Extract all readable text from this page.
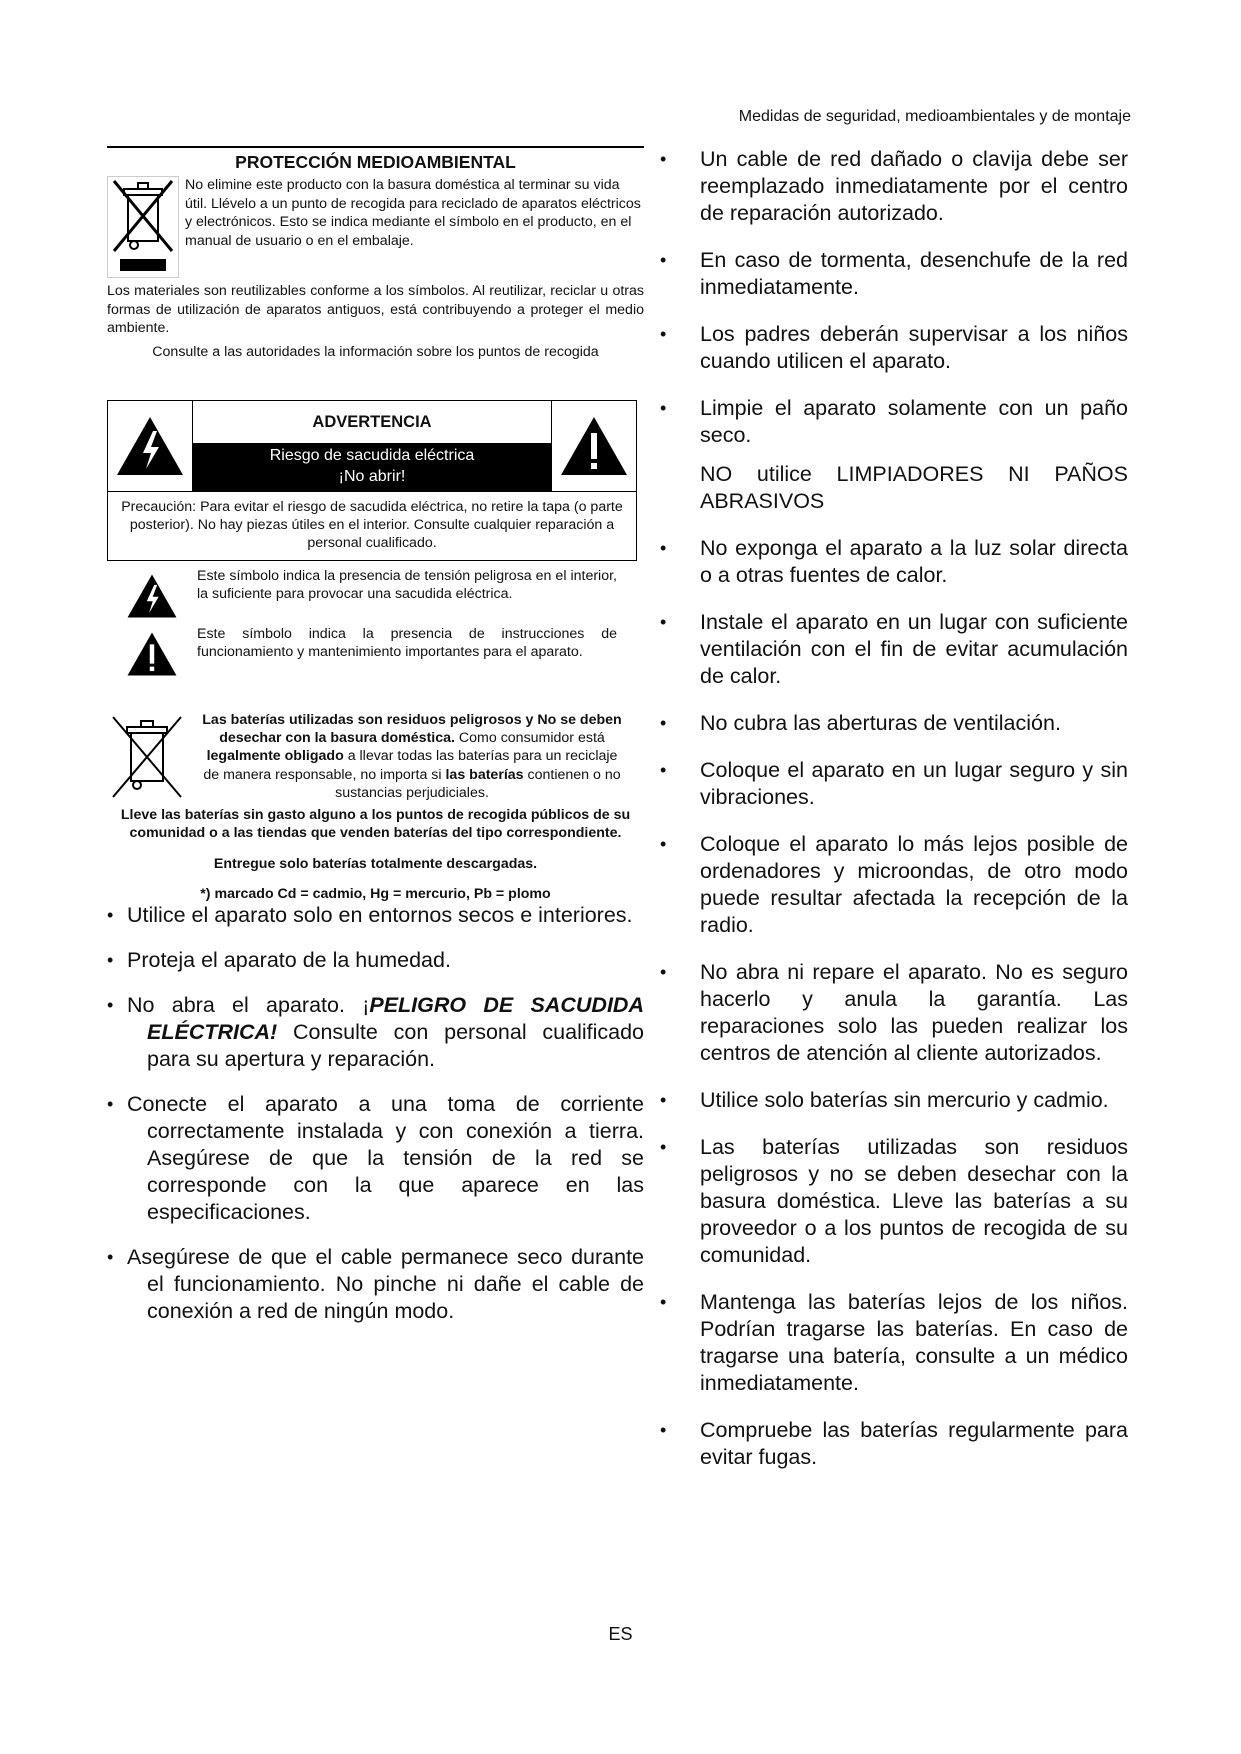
Medidas de seguridad, medioambientales y de montaje
PROTECCIÓN MEDIOAMBIENTAL
No elimine este producto con la basura doméstica al terminar su vida útil. Llévelo a un punto de recogida para reciclado de aparatos eléctricos y electrónicos. Esto se indica mediante el símbolo en el producto, en el manual de usuario o en el embalaje.
Los materiales son reutilizables conforme a los símbolos. Al reutilizar, reciclar u otras formas de utilización de aparatos antiguos, está contribuyendo a proteger el medio ambiente.
Consulte a las autoridades la información sobre los puntos de recogida
ADVERTENCIA
Riesgo de sacudida eléctrica
¡No abrir!
Precaución: Para evitar el riesgo de sacudida eléctrica, no retire la tapa (o parte posterior). No hay piezas útiles en el interior. Consulte cualquier reparación a personal cualificado.
Este símbolo indica la presencia de tensión peligrosa en el interior, la suficiente para provocar una sacudida eléctrica.
Este símbolo indica la presencia de instrucciones de funcionamiento y mantenimiento importantes para el aparato.
Las baterías utilizadas son residuos peligrosos y No se deben desechar con la basura doméstica. Como consumidor está legalmente obligado a llevar todas las baterías para un reciclaje de manera responsable, no importa si las baterías contienen o no sustancias perjudiciales.
Lleve las baterías sin gasto alguno a los puntos de recogida públicos de su comunidad o a las tiendas que venden baterías del tipo correspondiente.
Entregue solo baterías totalmente descargadas.
*) marcado Cd = cadmio, Hg = mercurio, Pb = plomo
• Utilice el aparato solo en entornos secos e interiores.
• Proteja el aparato de la humedad.
• No abra el aparato. ¡PELIGRO DE SACUDIDA ELÉCTRICA! Consulte con personal cualificado para su apertura y reparación.
• Conecte el aparato a una toma de corriente correctamente instalada y con conexión a tierra. Asegúrese de que la tensión de la red se corresponde con la que aparece en las especificaciones.
• Asegúrese de que el cable permanece seco durante el funcionamiento. No pinche ni dañe el cable de conexión a red de ningún modo.
• Un cable de red dañado o clavija debe ser reemplazado inmediatamente por el centro de reparación autorizado.
• En caso de tormenta, desenchufe de la red inmediatamente.
• Los padres deberán supervisar a los niños cuando utilicen el aparato.
• Limpie el aparato solamente con un paño seco.
NO utilice LIMPIADORES NI PAÑOS ABRASIVOS
• No exponga el aparato a la luz solar directa o a otras fuentes de calor.
• Instale el aparato en un lugar con suficiente ventilación con el fin de evitar acumulación de calor.
• No cubra las aberturas de ventilación.
• Coloque el aparato en un lugar seguro y sin vibraciones.
• Coloque el aparato lo más lejos posible de ordenadores y microondas, de otro modo puede resultar afectada la recepción de la radio.
• No abra ni repare el aparato. No es seguro hacerlo y anula la garantía. Las reparaciones solo las pueden realizar los centros de atención al cliente autorizados.
• Utilice solo baterías sin mercurio y cadmio.
• Las baterías utilizadas son residuos peligrosos y no se deben desechar con la basura doméstica. Lleve las baterías a su proveedor o a los puntos de recogida de su comunidad.
• Mantenga las baterías lejos de los niños. Podrían tragarse las baterías. En caso de tragarse una batería, consulte a un médico inmediatamente.
• Compruebe las baterías regularmente para evitar fugas.
ES
